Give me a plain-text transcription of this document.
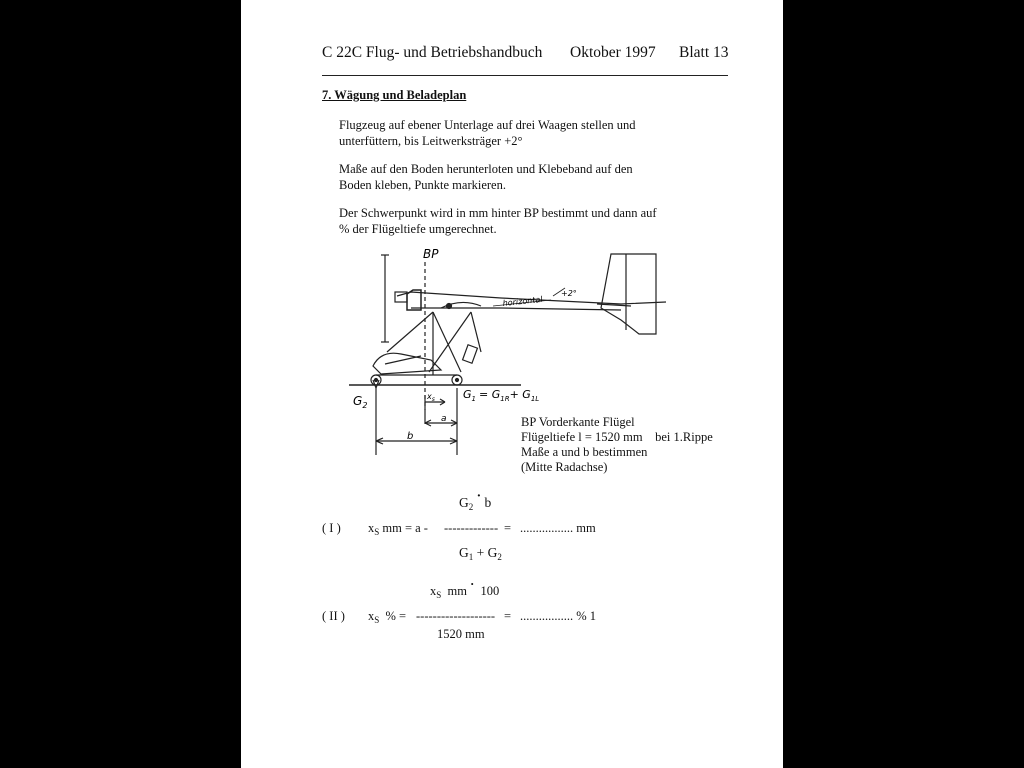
C 22C Flug- und Betriebshandbuch Oktober 1997 Blatt 13
7. Wägung und Beladeplan
Flugzeug auf ebener Unterlage auf drei Waagen stellen und
unterfüttern, bis Leitwerksträger +2°
Maße auf den Boden herunterloten und Klebeband auf den
Boden kleben, Punkte markieren.
Der Schwerpunkt wird in mm hinter BP bestimmt und dann auf
% der Flügeltiefe umgerechnet.
BP
horizontal
+2°
$G_2$
$G_1 = G_{1R}+ G_{1L}$
$x_s$
a
b
BP Vorderkante Flügel
Flügeltiefe l = 1520 mm bei 1.Rippe
Maße a und b bestimmen
(Mitte Radachse)
$G_2 \cdot b$
( I ) $x_S$ mm = a - ------------- = ................. mm
$G_1 + G_2$
$x_S$ mm · 100
( II ) $x_S$ % = ------------------- = ................. % 1
1520 mm
